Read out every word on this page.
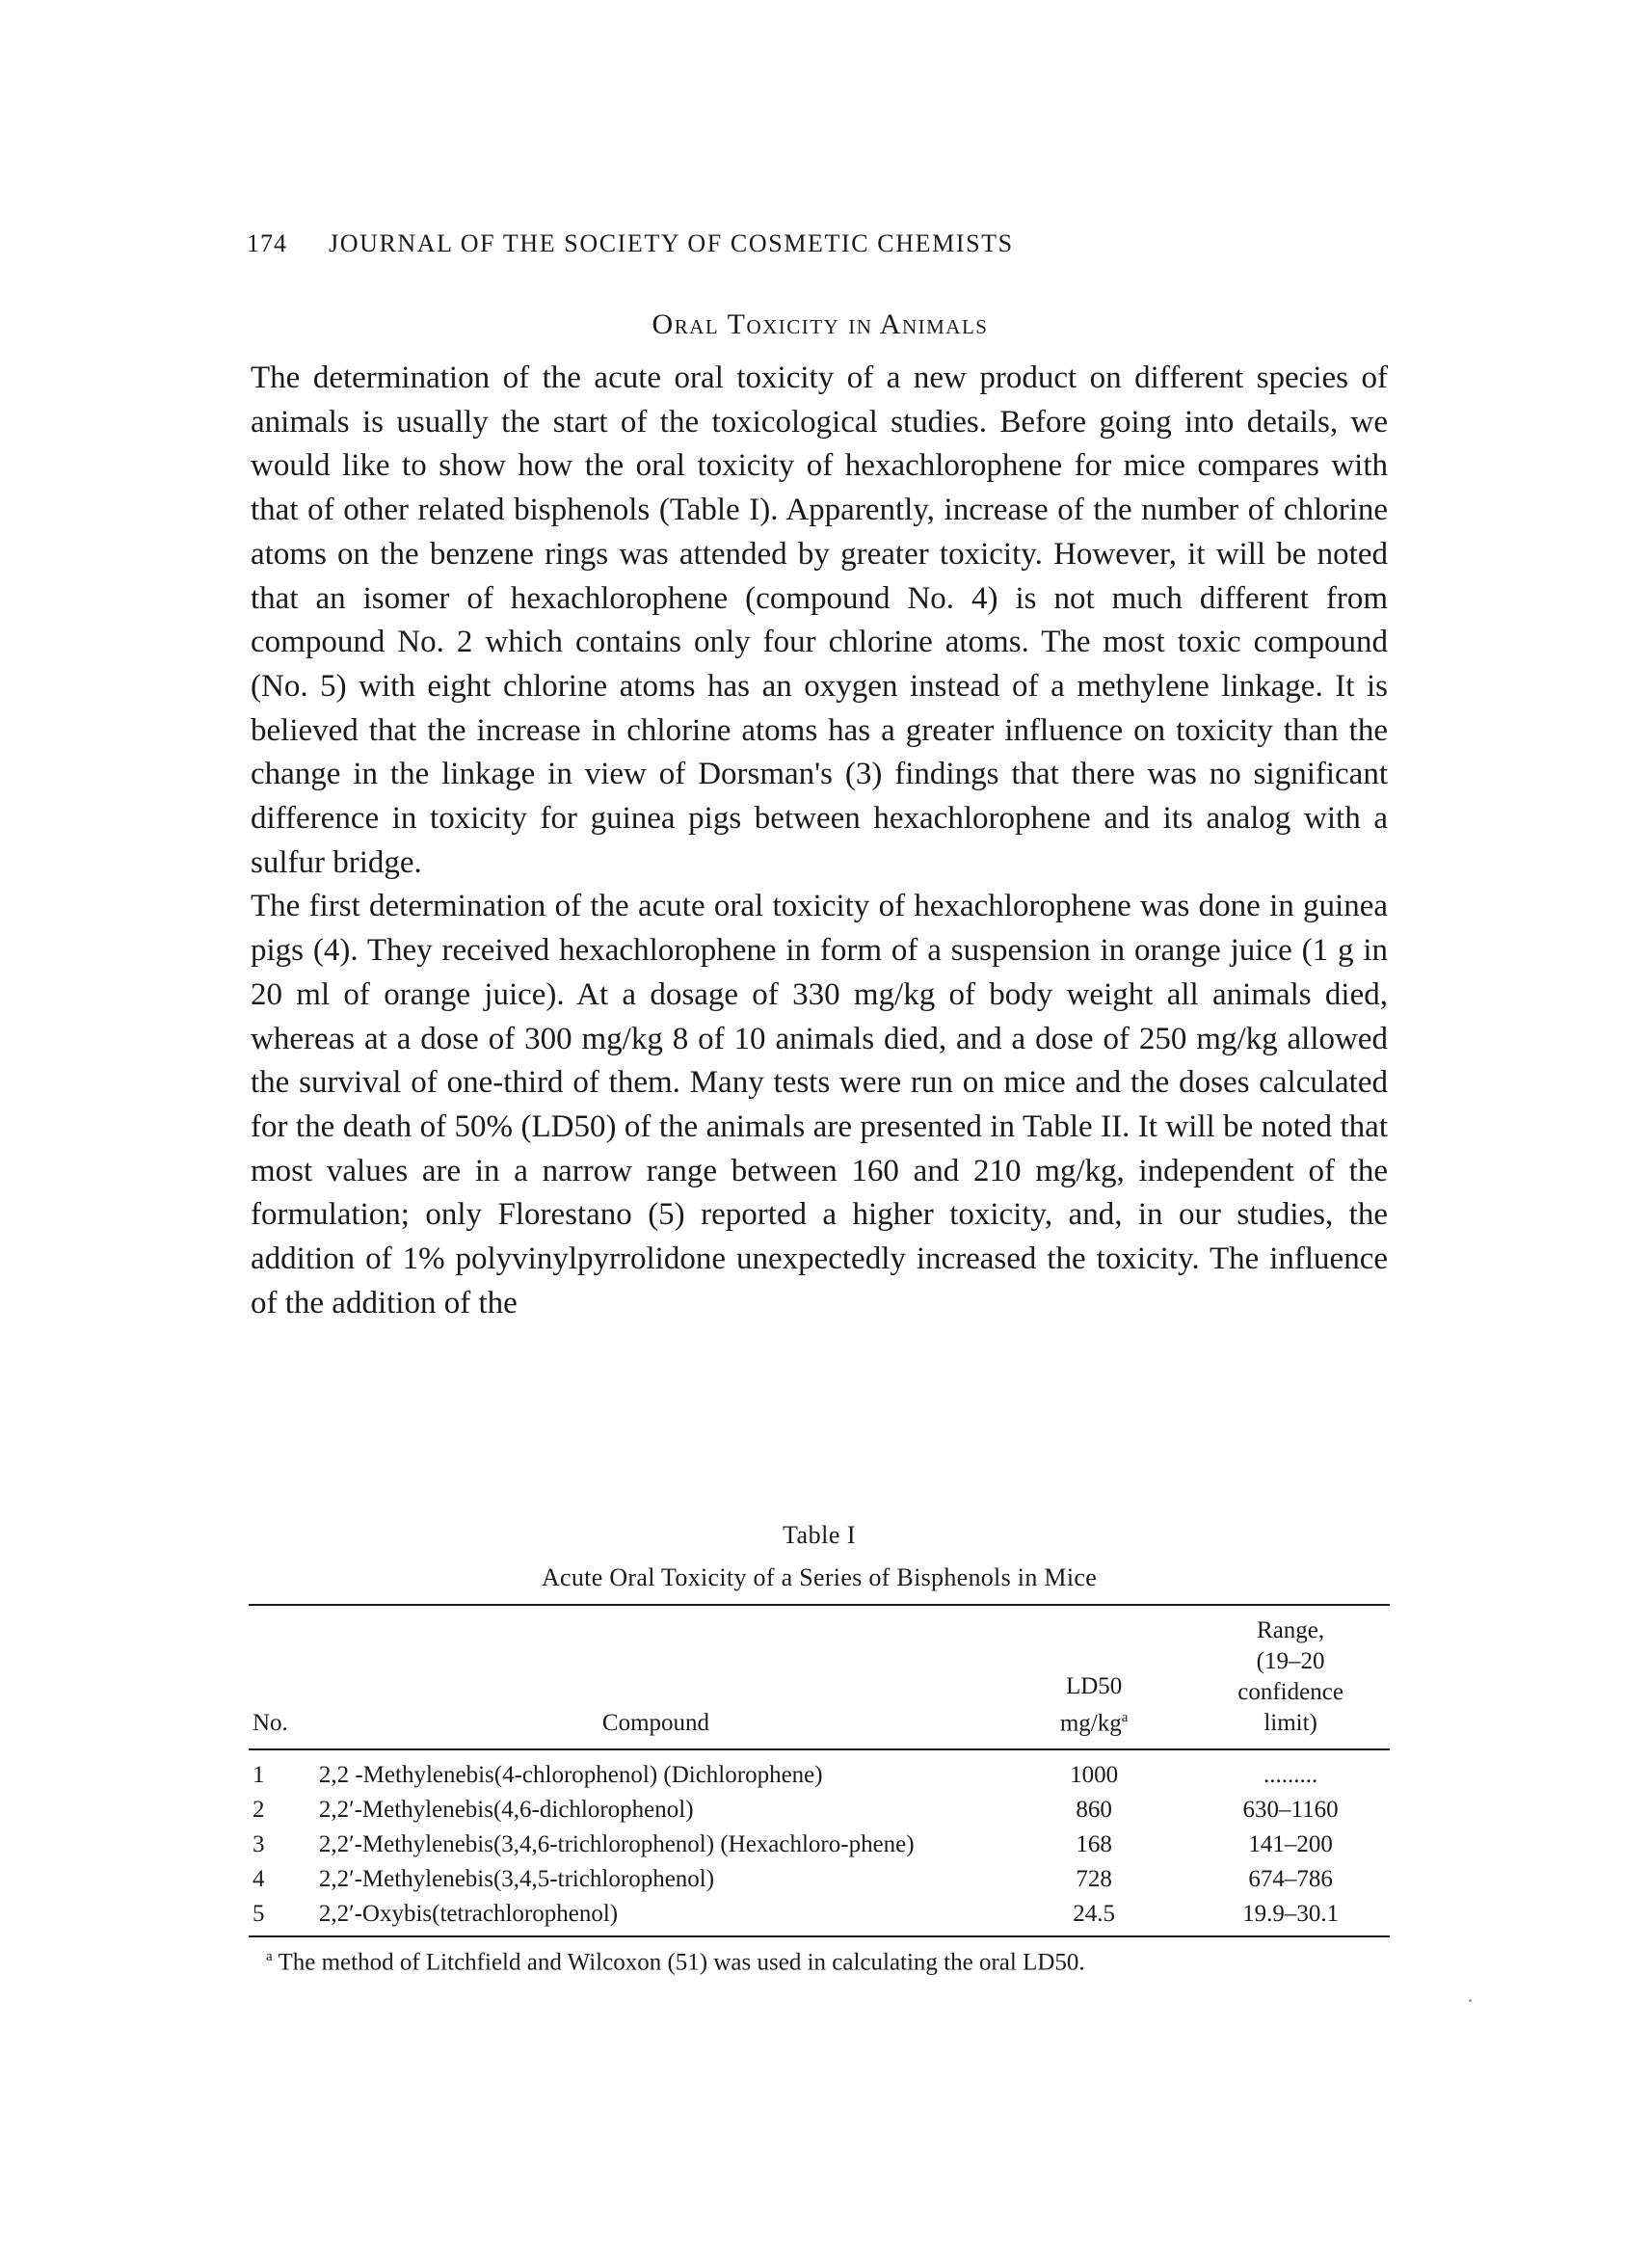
174 JOURNAL OF THE SOCIETY OF COSMETIC CHEMISTS
Oral Toxicity in Animals

The determination of the acute oral toxicity of a new product on different species of animals is usually the start of the toxicological studies. Before going into details, we would like to show how the oral toxicity of hexachlorophene for mice compares with that of other related bisphenols (Table I). Apparently, increase of the number of chlorine atoms on the benzene rings was attended by greater toxicity. However, it will be noted that an isomer of hexachlorophene (compound No. 4) is not much different from compound No. 2 which contains only four chlorine atoms. The most toxic compound (No. 5) with eight chlorine atoms has an oxygen instead of a methylene linkage. It is believed that the increase in chlorine atoms has a greater influence on toxicity than the change in the linkage in view of Dorsman's (3) findings that there was no significant difference in toxicity for guinea pigs between hexachlorophene and its analog with a sulfur bridge.

The first determination of the acute oral toxicity of hexachlorophene was done in guinea pigs (4). They received hexachlorophene in form of a suspension in orange juice (1 g in 20 ml of orange juice). At a dosage of 330 mg/kg of body weight all animals died, whereas at a dose of 300 mg/kg 8 of 10 animals died, and a dose of 250 mg/kg allowed the survival of one-third of them. Many tests were run on mice and the doses calculated for the death of 50% (LD50) of the animals are presented in Table II. It will be noted that most values are in a narrow range between 160 and 210 mg/kg, independent of the formulation; only Florestano (5) reported a higher toxicity, and, in our studies, the addition of 1% polyvinylpyrrolidone unexpectedly increased the toxicity. The influence of the addition of the

Table I
Acute Oral Toxicity of a Series of Bisphenols in Mice
No.	Compound	LD50
$mg/kg^a$	Range,
(19–20
confidence
limit)
1	2,2 -Methylenebis(4-chlorophenol) (Dichlorophene)	1000	.........
2	2,2′-Methylenebis(4,6-dichlorophenol)	860	630–1160
3	2,2′-Methylenebis(3,4,6-trichlorophenol) (Hexachloro-phene)	168	141–200
4	2,2′-Methylenebis(3,4,5-trichlorophenol)	728	674–786
5	2,2′-Oxybis(tetrachlorophenol)	24.5	19.9–30.1
$^a$ The method of Litchfield and Wilcoxon (51) was used in calculating the oral LD50.
